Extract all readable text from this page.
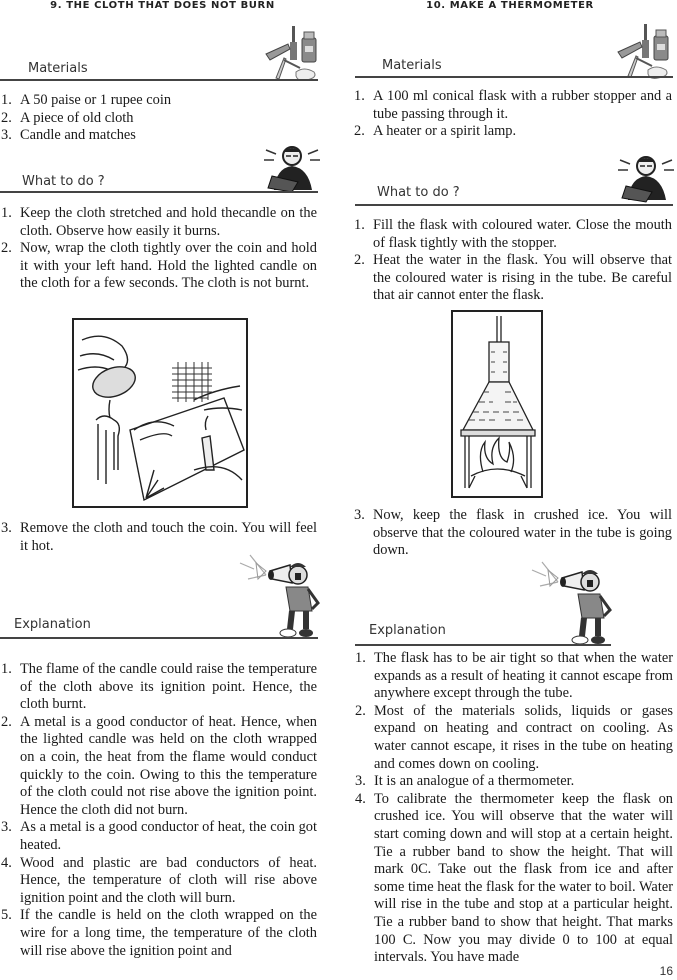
9. THE CLOTH THAT DOES NOT BURN
Materials
1. A 50 paise or 1 rupee coin
2. A piece of old cloth
3. Candle and matches
What to do ?
1. Keep the cloth stretched and hold thecandle on the cloth. Observe how easily it burns.
2. Now, wrap the cloth tightly over the coin and hold it with your left hand. Hold the lighted candle on the cloth for a few seconds. The cloth is not burnt.
3. Remove the cloth and touch the coin. You will feel it hot.
Explanation
1. The flame of the candle could raise the temperature of the cloth above its ignition point. Hence, the cloth burnt.
2. A metal is a good conductor of heat. Hence, when the lighted candle was held on the cloth wrapped on a coin, the heat from the flame would conduct quickly to the coin. Owing to this the temperature of the cloth could not rise above the ignition point. Hence the cloth did not burn.
3. As a metal is a good conductor of heat, the coin got heated.
4. Wood and plastic are bad conductors of heat. Hence, the temperature of cloth will rise above ignition point and the cloth will burn.
5. If the candle is held on the cloth wrapped on the wire for a long time, the temperature of the cloth will rise above the ignition point and
10. MAKE A THERMOMETER
Materials
1. A 100 ml conical flask with a rubber stopper and a tube passing through it.
2. A heater or a spirit lamp.
What to do ?
1. Fill the flask with coloured water. Close the mouth of flask tightly with the stopper.
2. Heat the water in the flask. You will observe that the coloured water is rising in the tube. Be careful that air cannot enter the flask.
3. Now, keep the flask in crushed ice. You will observe that the coloured water in the tube is going down.
Explanation
1. The flask has to be air tight so that when the water expands as a result of heating it cannot escape from anywhere except through the tube.
2. Most of the materials solids, liquids or gases expand on heating and contract on cooling. As water cannot escape, it rises in the tube on heating and comes down on cooling.
3. It is an analogue of a thermometer.
4. To calibrate the thermometer keep the flask on crushed ice. You will observe that the water will start coming down and will stop at a certain height. Tie a rubber band to show the height. That will mark 0C. Take out the flask from ice and after some time heat the flask for the water to boil. Water will rise in the tube and stop at a particular height. Tie a rubber band to show that height. That marks 100 C. Now you may divide 0 to 100 at equal intervals. You have made
16
